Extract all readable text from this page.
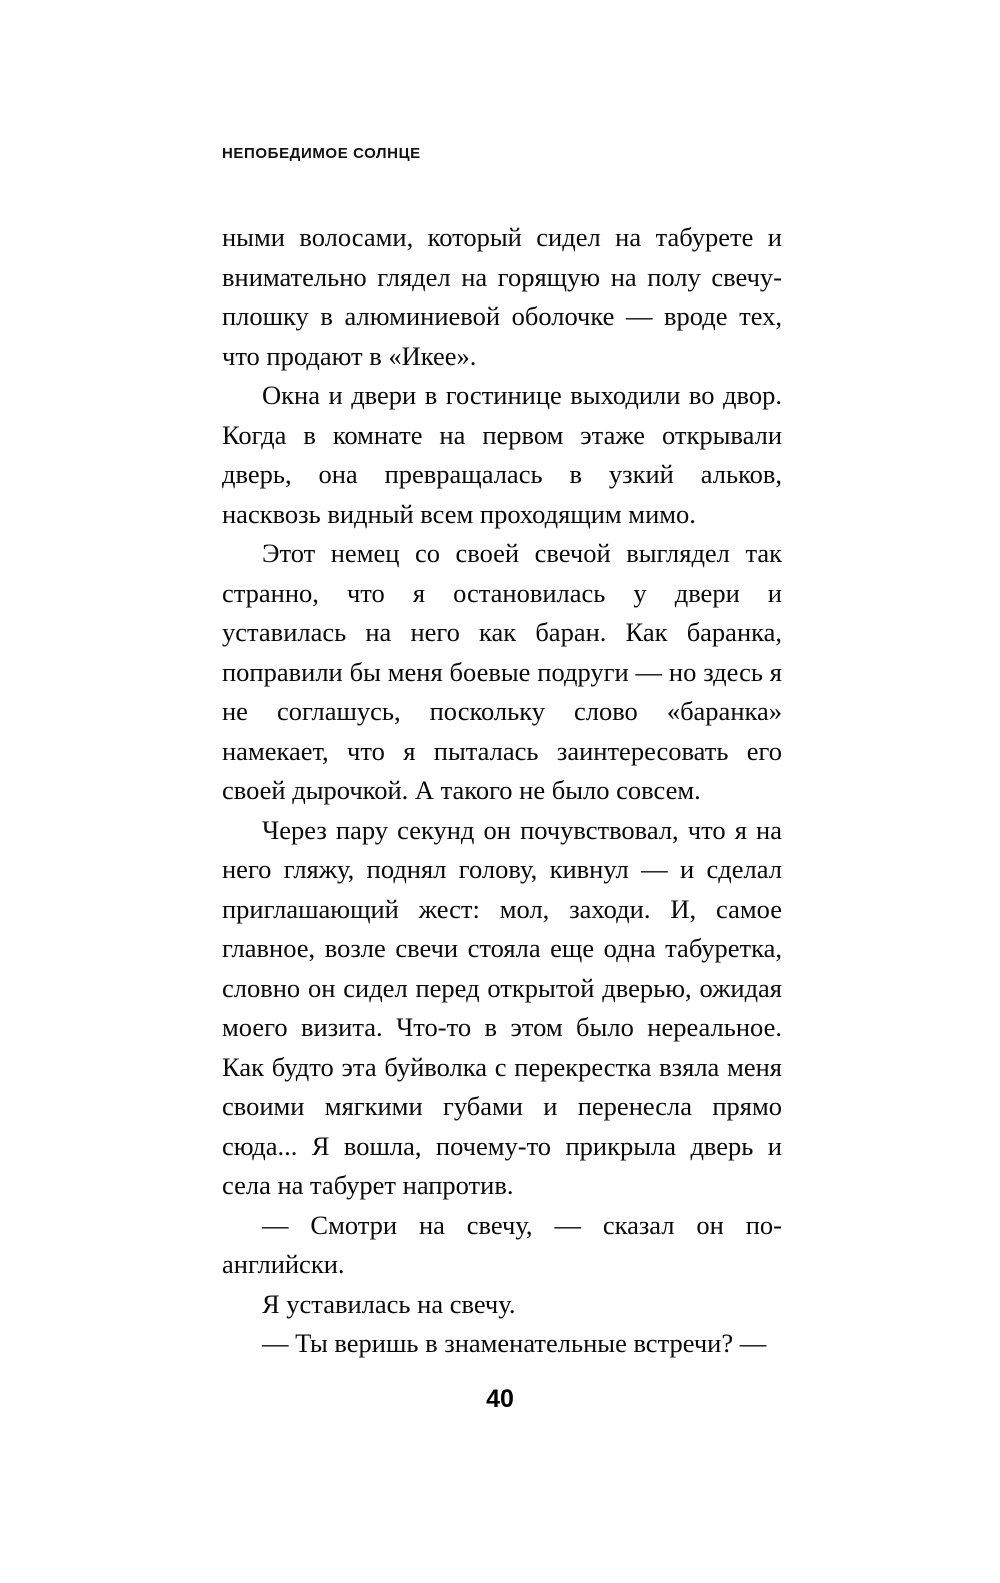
НЕПОБЕДИМОЕ СОЛНЦЕ

ными волосами, который сидел на табурете и внимательно глядел на горящую на полу свечу-плошку в алюминиевой оболочке — вроде тех, что продают в «Икее».

Окна и двери в гостинице выходили во двор. Когда в комнате на первом этаже открывали дверь, она превращалась в узкий альков, насквозь видный всем проходящим мимо.

Этот немец со своей свечой выглядел так странно, что я остановилась у двери и уставилась на него как баран. Как баранка, поправили бы меня боевые подруги — но здесь я не соглашусь, поскольку слово «баранка» намекает, что я пыталась заинтересовать его своей дырочкой. А такого не было совсем.

Через пару секунд он почувствовал, что я на него гляжу, поднял голову, кивнул — и сделал приглашающий жест: мол, заходи. И, самое главное, возле свечи стояла еще одна табуретка, словно он сидел перед открытой дверью, ожидая моего визита. Что-то в этом было нереальное. Как будто эта буйволка с перекрестка взяла меня своими мягкими губами и перенесла прямо сюда... Я вошла, почему-то прикрыла дверь и села на табурет напротив.

— Смотри на свечу, — сказал он по-английски.

Я уставилась на свечу.

— Ты веришь в знаменательные встречи? —

40
